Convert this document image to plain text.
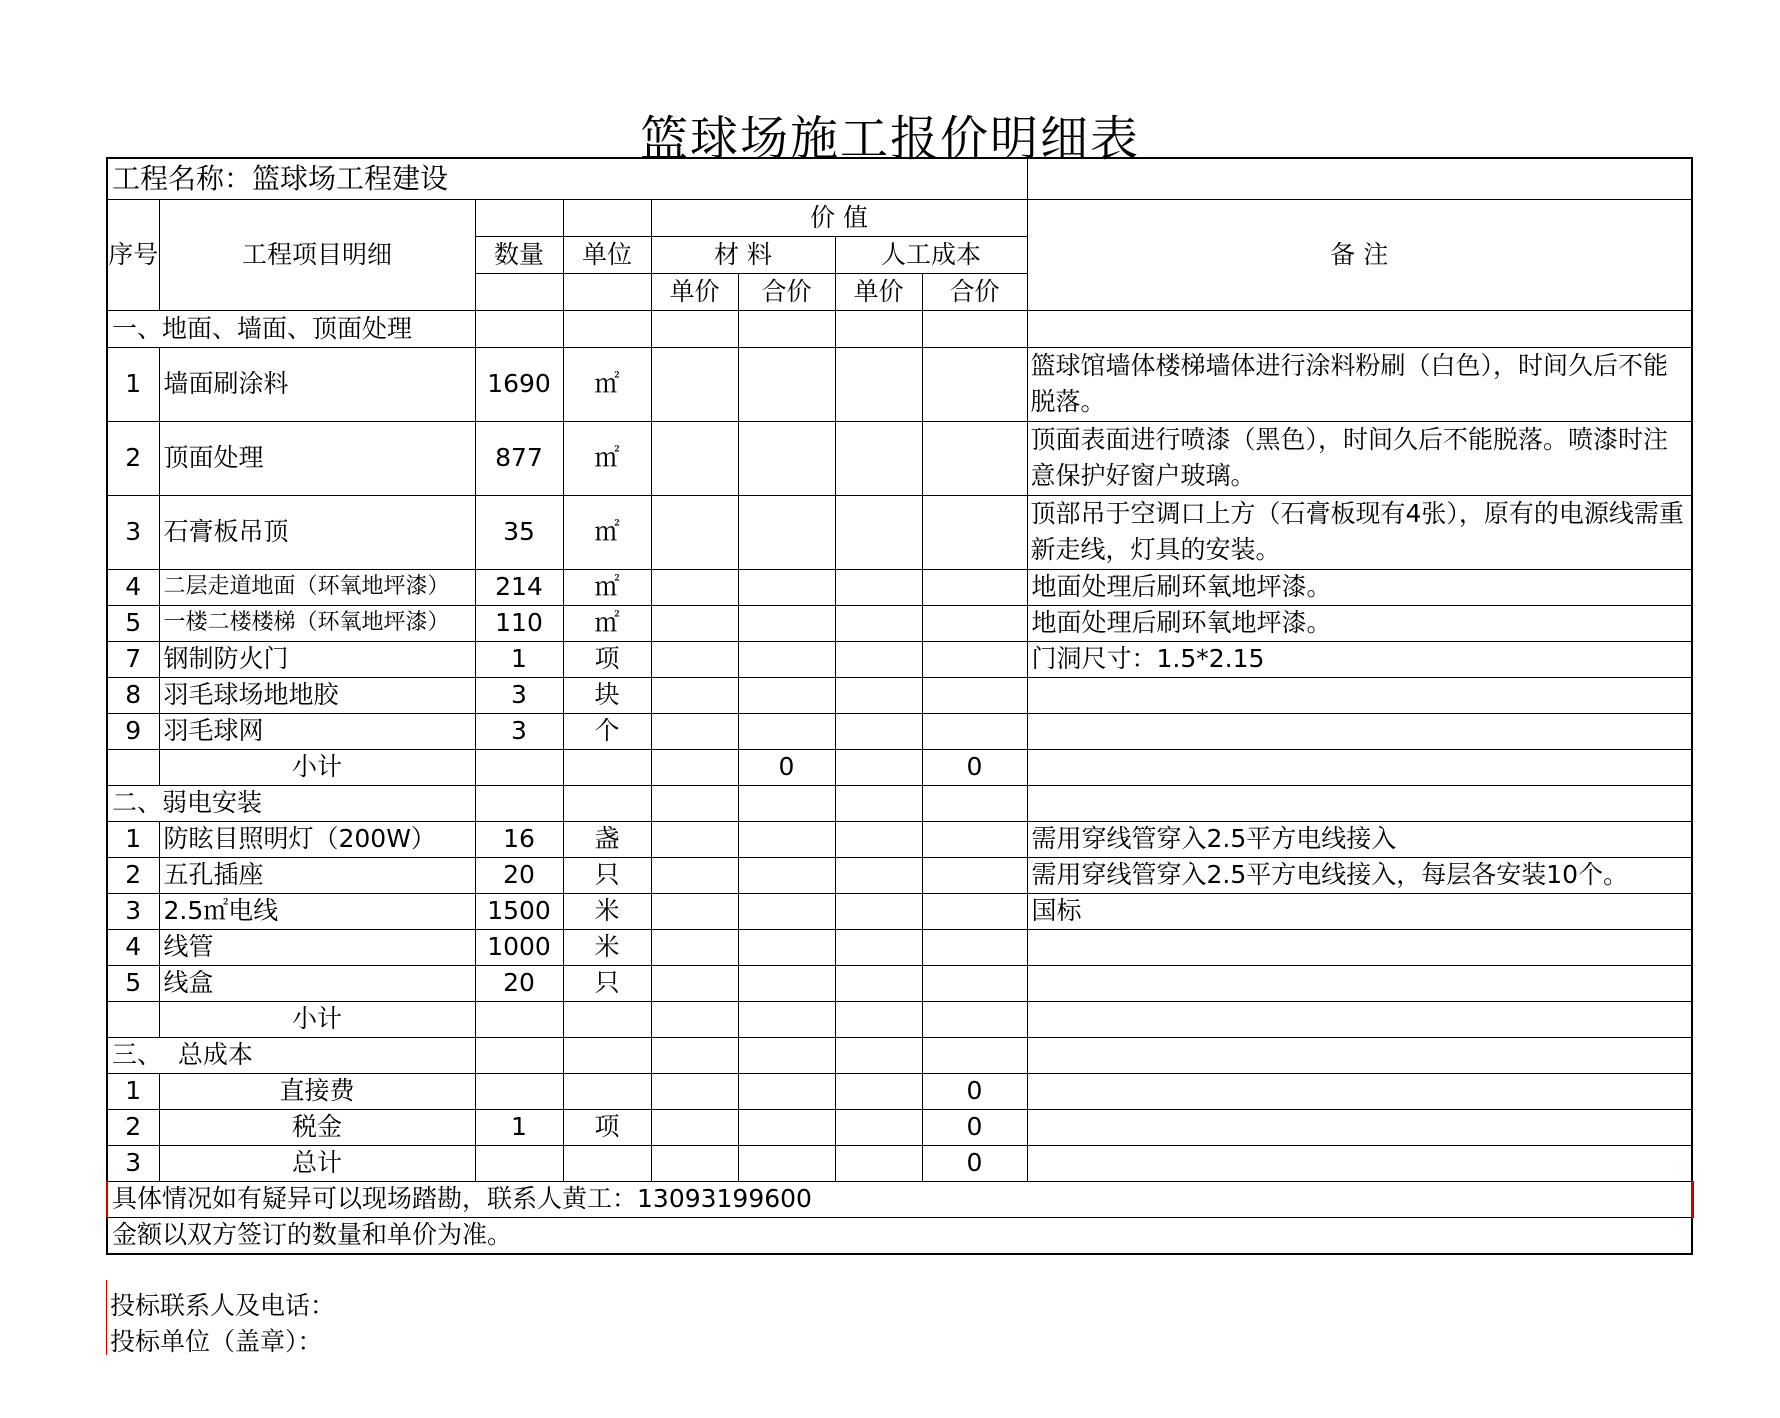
篮球场施工报价明细表
工程名称：篮球场工程建设								
序号	工程项目明细			价 值				备 注
		数量	单位	材 料		人工成本		
				单价	合价	单价	合价	
一、地面、墙面、顶面处理								
1	墙面刷涂料	1690	㎡					篮球馆墙体楼梯墙体进行涂料粉刷（白色），时间久后不能脱落。
2	顶面处理	877	㎡					顶面表面进行喷漆（黑色），时间久后不能脱落。喷漆时注意保护好窗户玻璃。
3	石膏板吊顶	35	㎡					顶部吊于空调口上方（石膏板现有4张），原有的电源线需重新走线，灯具的安装。
4	二层走道地面（环氧地坪漆）	214	㎡					地面处理后刷环氧地坪漆。
5	一楼二楼楼梯（环氧地坪漆）	110	㎡					地面处理后刷环氧地坪漆。
7	钢制防火门	1	项					门洞尺寸：1.5*2.15
8	羽毛球场地地胶	3	块					
9	羽毛球网	3	个					
	小计				0		0	
二、弱电安装								
1	防眩目照明灯（200W）	16	盏					需用穿线管穿入2.5平方电线接入
2	五孔插座	20	只					需用穿线管穿入2.5平方电线接入，每层各安装10个。
3	2.5㎡电线	1500	米					国标
4	线管	1000	米					
5	线盒	20	只					
	小计							
三、  总成本								
1	直接费						0	
2	税金	1	项				0	
3	总计						0	
具体情况如有疑异可以现场踏勘，联系人黄工：13093199600								
金额以双方签订的数量和单价为准。								
投标联系人及电话：
投标单位（盖章）：
